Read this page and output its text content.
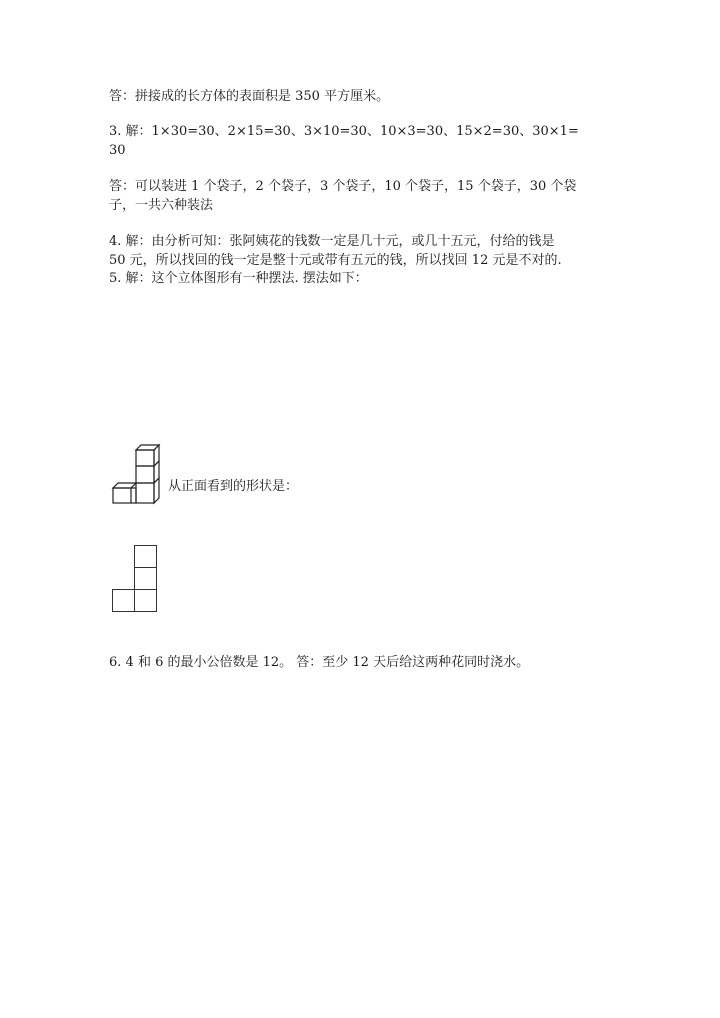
答：拼接成的长方体的表面积是 350 平方厘米。
3. 解：1×30=30、2×15=30、3×10=30、10×3=30、15×2=30、30×1=
30
答：可以装进 1 个袋子，2 个袋子，3 个袋子，10 个袋子，15 个袋子，30 个袋
子，一共六种装法
4. 解：由分析可知：张阿姨花的钱数一定是几十元，或几十五元，付给的钱是
50 元，所以找回的钱一定是整十元或带有五元的钱，所以找回 12 元是不对的.
5. 解：这个立体图形有一种摆法. 摆法如下：
从正面看到的形状是：
6. 4 和 6 的最小公倍数是 12。 答：至少 12 天后给这两种花同时浇水。
